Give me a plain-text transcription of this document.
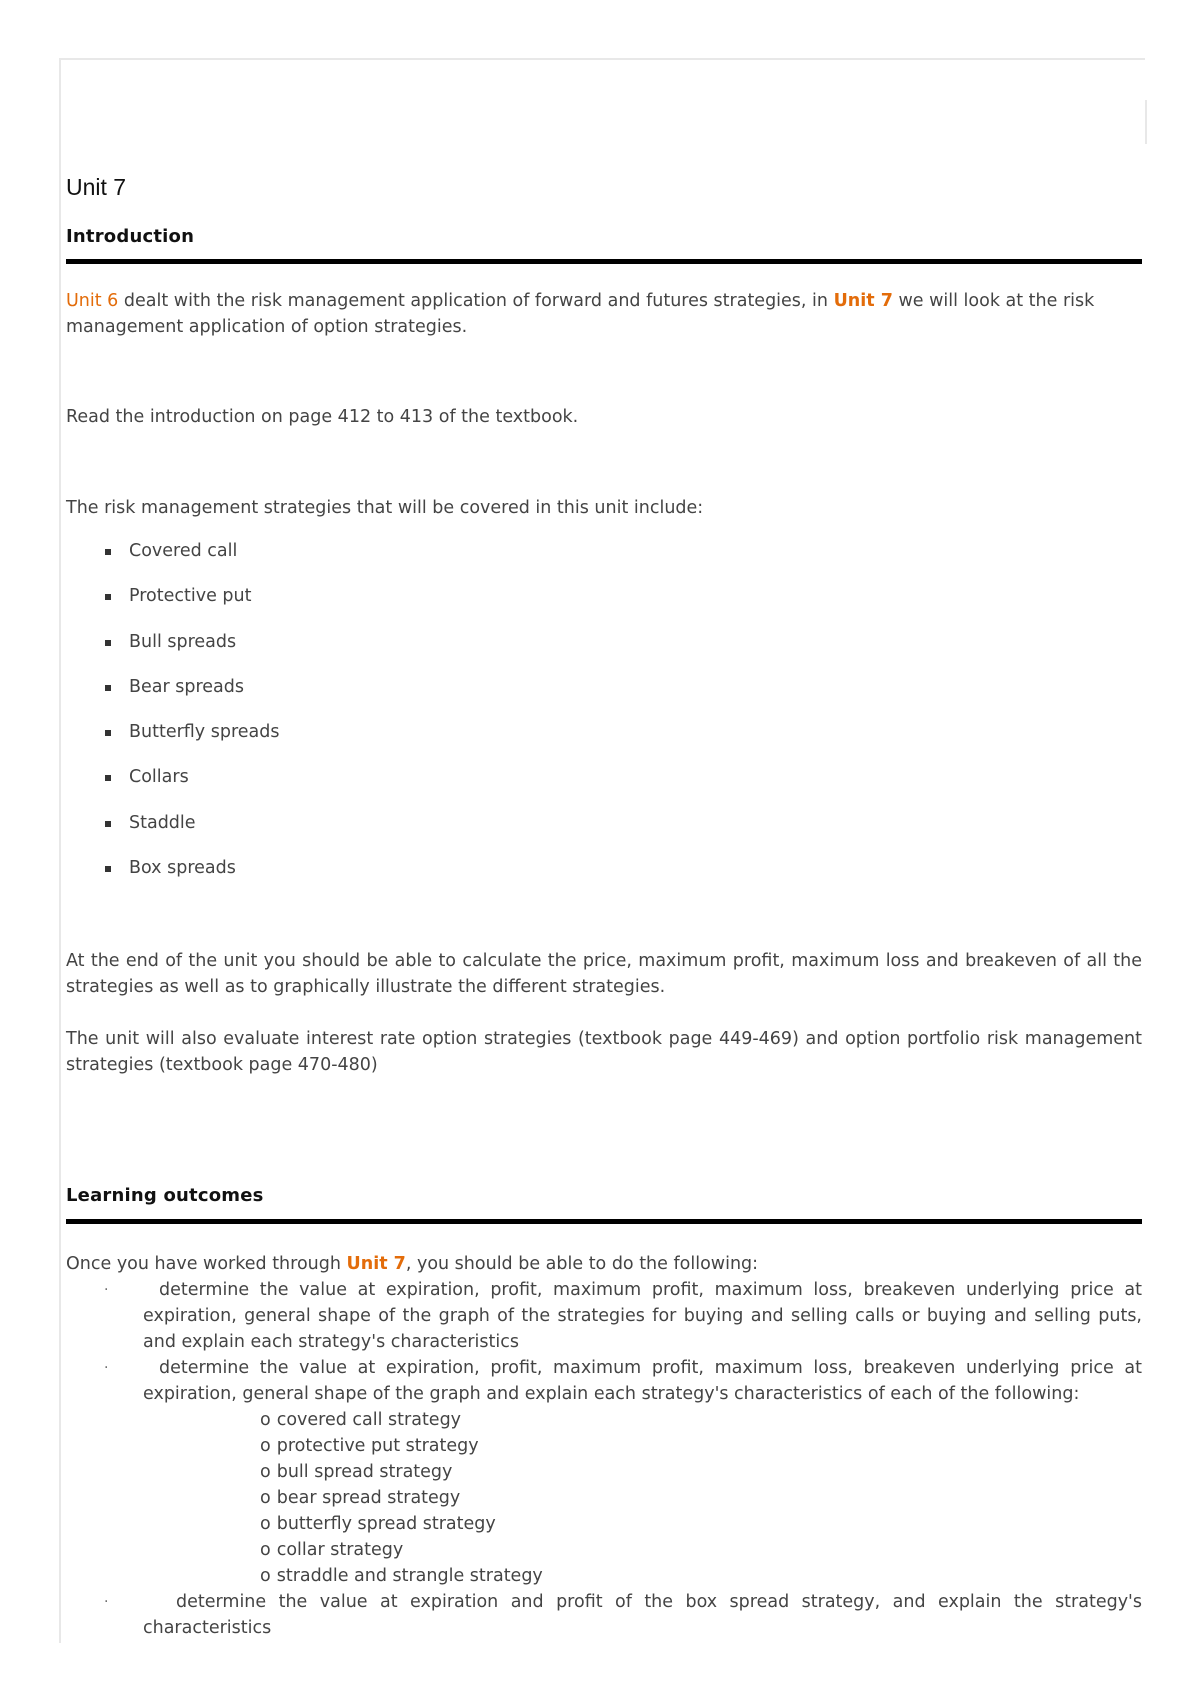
Unit 7
Introduction

Unit 6 dealt with the risk management application of forward and futures strategies, in Unit 7 we will look at the risk management application of option strategies.

Read the introduction on page 412 to 413 of the textbook.

The risk management strategies that will be covered in this unit include:

Covered call
Protective put
Bull spreads
Bear spreads
Butterfly spreads
Collars
Staddle
Box spreads

At the end of the unit you should be able to calculate the price, maximum profit, maximum loss and breakeven of all the strategies as well as to graphically illustrate the different strategies.

The unit will also evaluate interest rate option strategies (textbook page 449-469) and option portfolio risk management strategies (textbook page 470-480)

Learning outcomes
Once you have worked through Unit 7, you should be able to do the following:
·	determine the value at expiration, profit, maximum profit, maximum loss, breakeven underlying price at expiration, general shape of the graph of the strategies for buying and selling calls or buying and selling puts, and explain each strategy's characteristics
·	determine the value at expiration, profit, maximum profit, maximum loss, breakeven underlying price at expiration, general shape of the graph and explain each strategy's characteristics of each of the following:
o covered call strategy
o protective put strategy
o bull spread strategy
o bear spread strategy
o butterfly spread strategy
o collar strategy
o straddle and strangle strategy
·	determine the value at expiration and profit of the box spread strategy, and explain the strategy's characteristics
